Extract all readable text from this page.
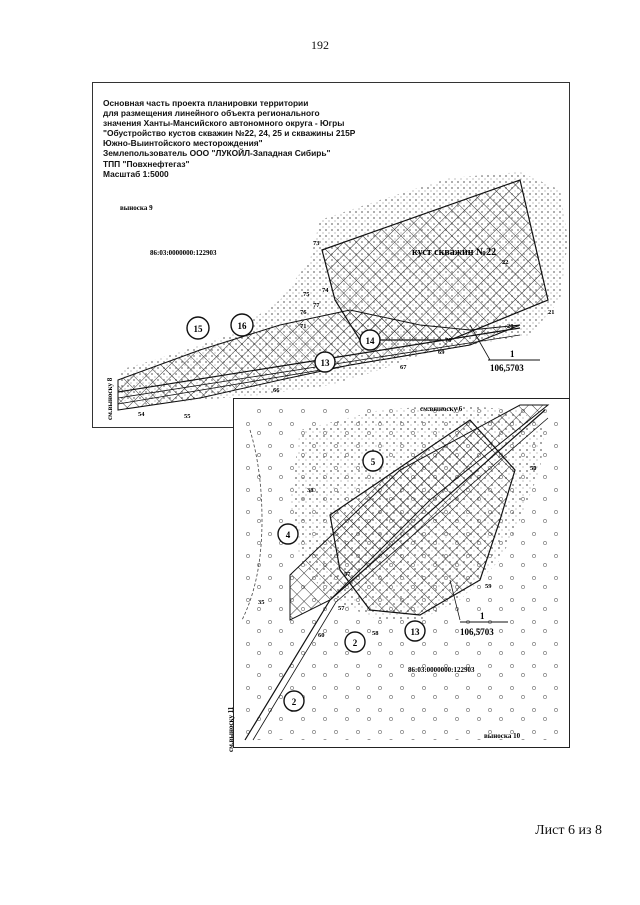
192
Основная часть проекта планировки территории
для размещения линейного объекта регионального
значения Ханты-Мансийского автономного округа - Югры
"Обустройство кустов скважин №22, 24, 25 и скважины 215Р
Южно-Выинтойского месторождения"
Землепользователь ООО "ЛУКОЙЛ-Западная Сибирь"
ТПП "Повхнефтегаз"
Масштаб 1:5000
выноска 9
86:03:0000000:122903	куст скважин №22
см.выноску 8
1
106,5703
15	16
13
14
73
75
74
76
77
71
70
69
67
66
55
54
20
22
21
см.выноску 6
выноска 10
см.выноску 11
86:03:0000000:122903
1
106,5703
5
4
2
13
2
38
35
57
58
59
60
57
50
Лист 6 из 8
